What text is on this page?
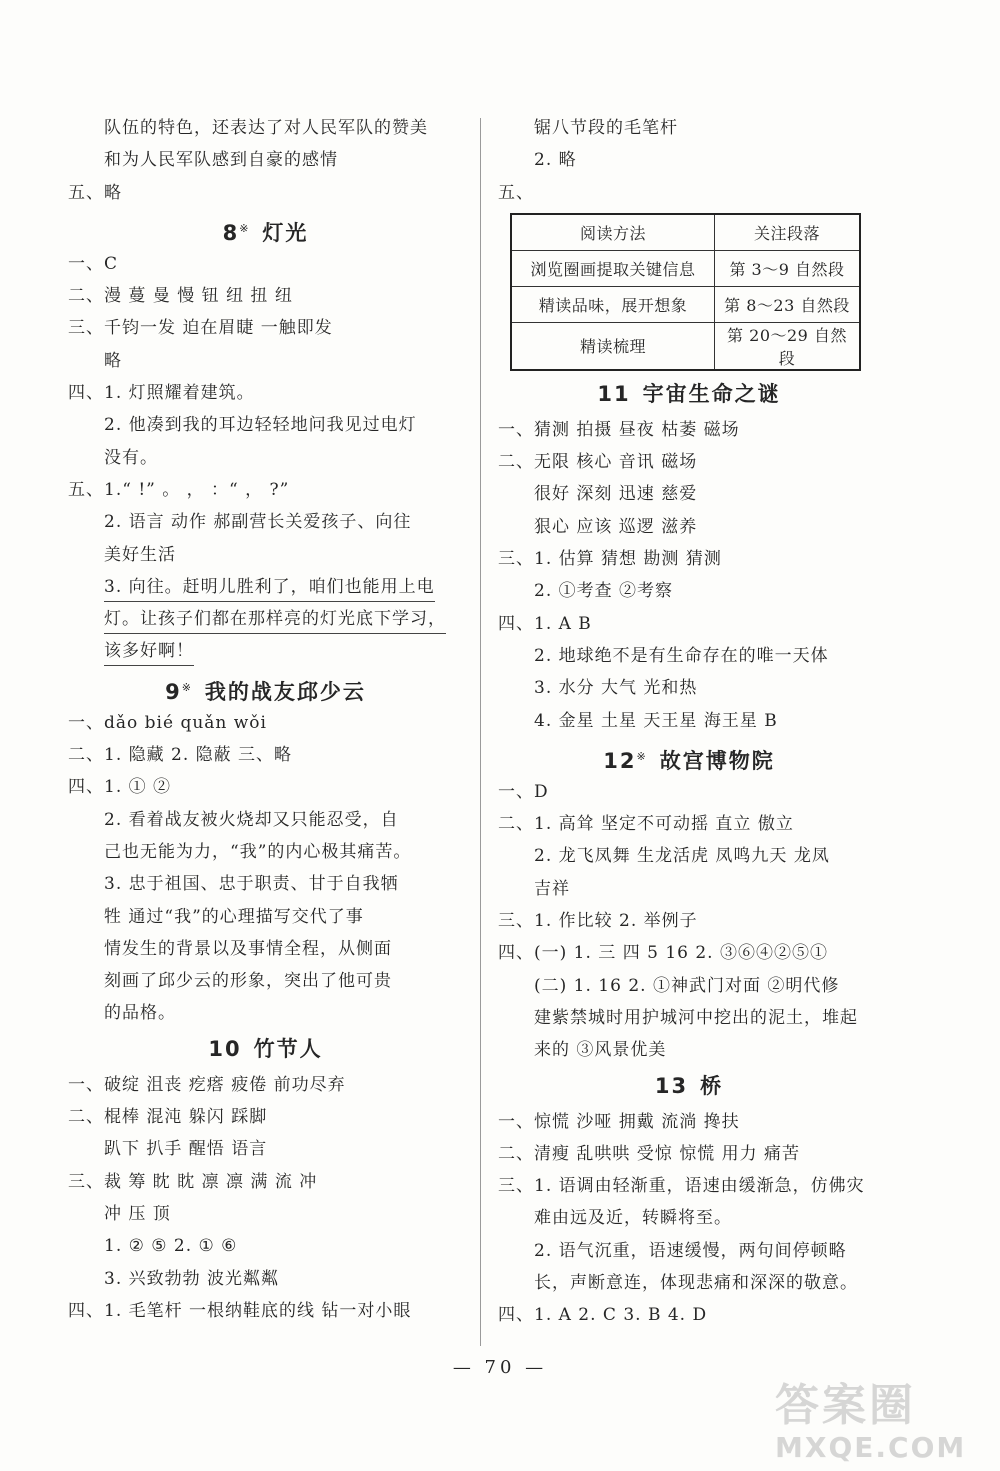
队伍的特色，还表达了对人民军队的赞美
和为人民军队感到自豪的感情
五、略
8※ 灯光
一、C
二、漫 蔓 曼 慢 钮 纽 扭 纽
三、千钧一发 迫在眉睫 一触即发
略
四、1. 灯照耀着建筑。
2. 他凑到我的耳边轻轻地问我见过电灯
没有。
五、1.“ !” 。 ， ：“ ， ?”
2. 语言 动作 郝副营长关爱孩子、向往
美好生活
3. 向往。赶明儿胜利了，咱们也能用上电
灯。让孩子们都在那样亮的灯光底下学习，
该多好啊！
9※ 我的战友邱少云
一、dǎo bié quǎn wǒi
二、1. 隐藏 2. 隐蔽 三、略
四、1. ① ②
2. 看着战友被火烧却又只能忍受，自
己也无能为力，“我”的内心极其痛苦。
3. 忠于祖国、忠于职责、甘于自我牺
牲 通过“我”的心理描写交代了事
情发生的背景以及事情全程，从侧面
刻画了邱少云的形象，突出了他可贵
的品格。
10 竹节人
一、破绽 沮丧 疙瘩 疲倦 前功尽弃
二、棍棒 混沌 躲闪 踩脚
趴下 扒手 醒悟 语言
三、裁 筹 眈 眈 凛 凛 满 流 冲
冲 压 顶
1. ② ⑤ 2. ① ⑥
3. 兴致勃勃 波光粼粼
四、1. 毛笔杆 一根纳鞋底的线 钻一对小眼
锯八节段的毛笔杆
2. 略
五、
阅读方法	关注段落
浏览圈画提取关键信息	第 3～9 自然段
精读品味，展开想象	第 8～23 自然段
精读梳理	第 20～29 自然段
11 宇宙生命之谜
一、猜测 拍摄 昼夜 枯萎 磁场
二、无限 核心 音讯 磁场
很好 深刻 迅速 慈爱
狠心 应该 巡逻 滋养
三、1. 估算 猜想 勘测 猜测
2. ①考查 ②考察
四、1. A B
2. 地球绝不是有生命存在的唯一天体
3. 水分 大气 光和热
4. 金星 土星 天王星 海王星 B
12※ 故宫博物院
一、D
二、1. 高耸 坚定不可动摇 直立 傲立
2. 龙飞凤舞 生龙活虎 凤鸣九天 龙凤
吉祥
三、1. 作比较 2. 举例子
四、(一) 1. 三 四 5 16 2. ③⑥④②⑤①
(二) 1. 16 2. ①神武门对面 ②明代修
建紫禁城时用护城河中挖出的泥土，堆起
来的 ③风景优美
13 桥
一、惊慌 沙哑 拥戴 流淌 搀扶
二、清瘦 乱哄哄 受惊 惊慌 用力 痛苦
三、1. 语调由轻渐重，语速由缓渐急，仿佛灾
难由远及近，转瞬将至。
2. 语气沉重，语速缓慢，两句间停顿略
长，声断意连，体现悲痛和深深的敬意。
四、1. A 2. C 3. B 4. D
— 70 —
答案圈
MXQE.COM
